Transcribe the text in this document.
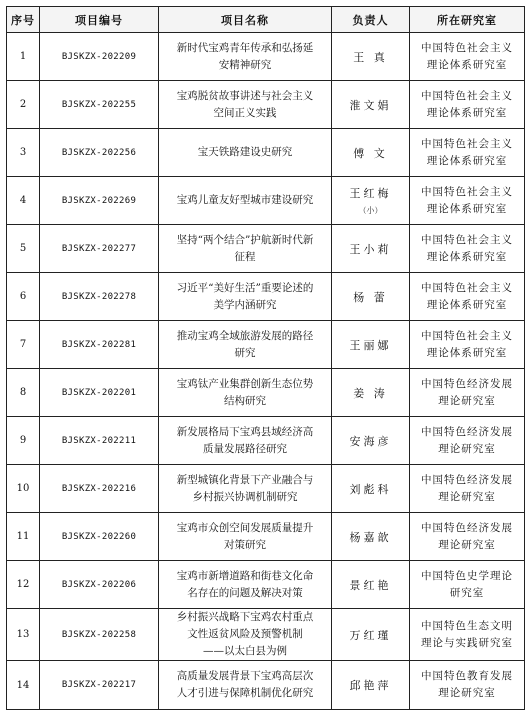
序号	项目编号	项目名称	负责人	所在研究室
1	BJSKZX-202209	新时代宝鸡青年传承和弘扬延
安精神研究	王 真	中国特色社会主义
理论体系研究室

2	BJSKZX-202255	宝鸡脱贫故事讲述与社会主义
空间正义实践	淮文娟	中国特色社会主义
理论体系研究室

3	BJSKZX-202256	宝天铁路建设史研究	傅 文	中国特色社会主义
理论体系研究室

4	BJSKZX-202269	宝鸡儿童友好型城市建设研究	王红梅
（小）	中国特色社会主义
理论体系研究室

5	BJSKZX-202277	坚持“两个结合”护航新时代新
征程	王小莉	中国特色社会主义
理论体系研究室

6	BJSKZX-202278	习近平“美好生活”重要论述的
美学内涵研究	杨 蕾	中国特色社会主义
理论体系研究室

7	BJSKZX-202281	推动宝鸡全域旅游发展的路径
研究	王丽娜	中国特色社会主义
理论体系研究室

8	BJSKZX-202201	宝鸡钛产业集群创新生态位势
结构研究	姜 涛	中国特色经济发展
理论研究室

9	BJSKZX-202211	新发展格局下宝鸡县域经济高
质量发展路径研究	安海彦	中国特色经济发展
理论研究室

10	BJSKZX-202216	新型城镇化背景下产业融合与
乡村振兴协调机制研究	刘彪科	中国特色经济发展
理论研究室

11	BJSKZX-202260	宝鸡市众创空间发展质量提升
对策研究	杨嘉歆	中国特色经济发展
理论研究室

12	BJSKZX-202206	宝鸡市新增道路和街巷文化命
名存在的问题及解决对策	景红艳	中国特色史学理论
研究室

13	BJSKZX-202258	乡村振兴战略下宝鸡农村重点
文性返贫风险及预警机制
——以太白县为例	万红瑾	中国特色生态文明
理论与实践研究室

14	BJSKZX-202217	高质量发展背景下宝鸡高层次
人才引进与保障机制优化研究	邱艳萍	中国特色教育发展
理论研究室
